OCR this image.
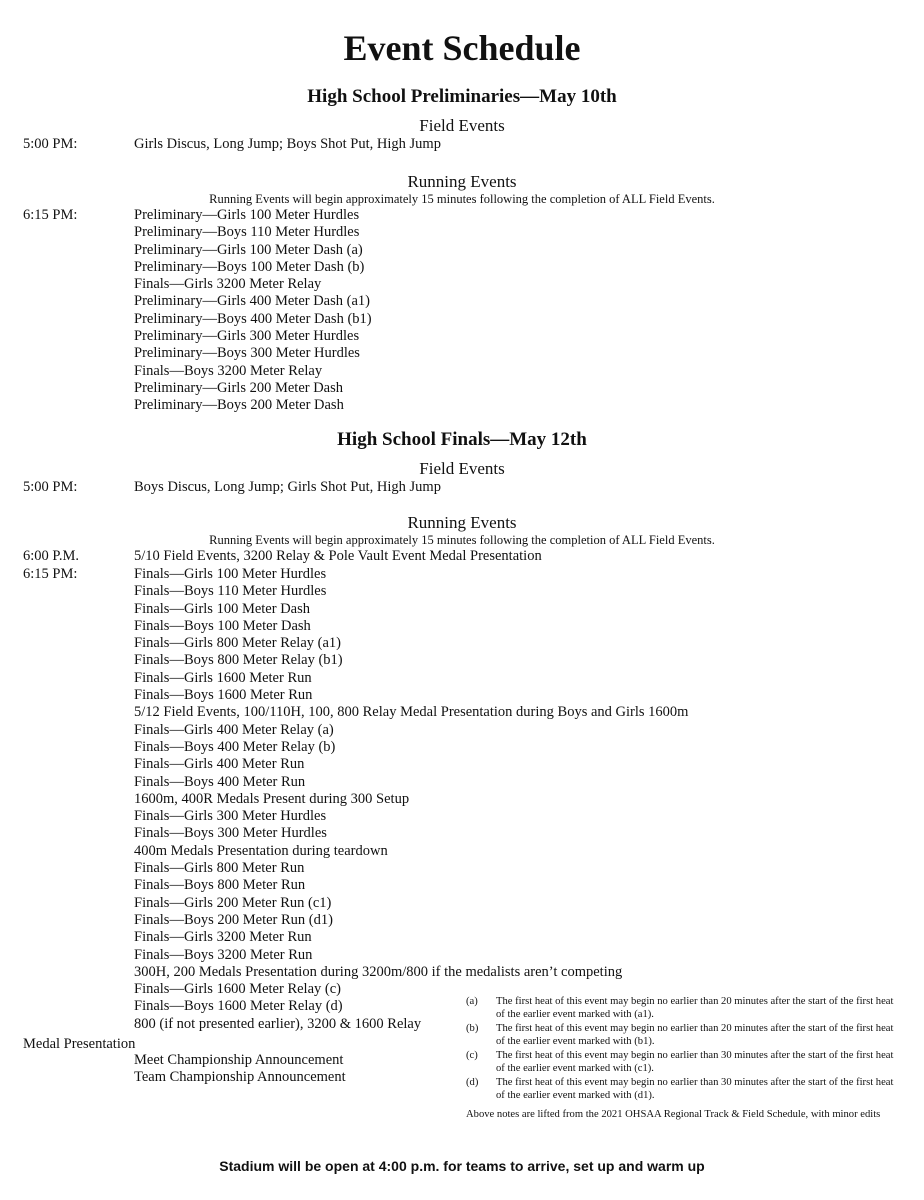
Event Schedule
High School Preliminaries—May 10th
Field Events
5:00 PM:	Girls Discus, Long Jump; Boys Shot Put, High Jump
Running Events
Running Events will begin approximately 15 minutes following the completion of ALL Field Events.
6:15 PM:	Preliminary—Girls 100 Meter Hurdles
Preliminary—Boys 110 Meter Hurdles
Preliminary—Girls 100 Meter Dash (a)
Preliminary—Boys 100 Meter Dash (b)
Finals—Girls 3200 Meter Relay
Preliminary—Girls 400 Meter Dash (a1)
Preliminary—Boys 400 Meter Dash (b1)
Preliminary—Girls 300 Meter Hurdles
Preliminary—Boys 300 Meter Hurdles
Finals—Boys 3200 Meter Relay
Preliminary—Girls 200 Meter Dash
Preliminary—Boys 200 Meter Dash
High School Finals—May 12th
Field Events
5:00 PM:	Boys Discus, Long Jump; Girls Shot Put, High Jump
Running Events
Running Events will begin approximately 15 minutes following the completion of ALL Field Events.
6:00 P.M.	5/10 Field Events, 3200 Relay & Pole Vault Event Medal Presentation
6:15 PM:	Finals—Girls 100 Meter Hurdles
Finals—Boys 110 Meter Hurdles
Finals—Girls 100 Meter Dash
Finals—Boys 100 Meter Dash
Finals—Girls 800 Meter Relay (a1)
Finals—Boys 800 Meter Relay (b1)
Finals—Girls 1600 Meter Run
Finals—Boys 1600 Meter Run
5/12 Field Events, 100/110H, 100, 800 Relay Medal Presentation during Boys and Girls 1600m
Finals—Girls 400 Meter Relay (a)
Finals—Boys 400 Meter Relay (b)
Finals—Girls 400 Meter Run
Finals—Boys 400 Meter Run
1600m, 400R Medals Present during 300 Setup
Finals—Girls 300 Meter Hurdles
Finals—Boys 300 Meter Hurdles
400m Medals Presentation during teardown
Finals—Girls 800 Meter Run
Finals—Boys 800 Meter Run
Finals—Girls 200 Meter Run (c1)
Finals—Boys 200 Meter Run (d1)
Finals—Girls 3200 Meter Run
Finals—Boys 3200 Meter Run
300H, 200 Medals Presentation during 3200m/800 if the medalists aren’t competing
Finals—Girls 1600 Meter Relay (c)
Finals—Boys 1600 Meter Relay (d)
800 (if not presented earlier), 3200 & 1600 Relay
Medal Presentation
Meet Championship Announcement
Team Championship Announcement
(a)	The first heat of this event may begin no earlier than 20 minutes after the start of the first heat of the earlier event marked with (a1).
(b)	The first heat of this event may begin no earlier than 20 minutes after the start of the first heat of the earlier event marked with (b1).
(c)	The first heat of this event may begin no earlier than 30 minutes after the start of the first heat of the earlier event marked with (c1).
(d)	The first heat of this event may begin no earlier than 30 minutes after the start of the first heat of the earlier event marked with (d1).
Above notes are lifted from the 2021 OHSAA Regional Track & Field Schedule, with minor edits
Stadium will be open at 4:00 p.m. for teams to arrive, set up and warm up
